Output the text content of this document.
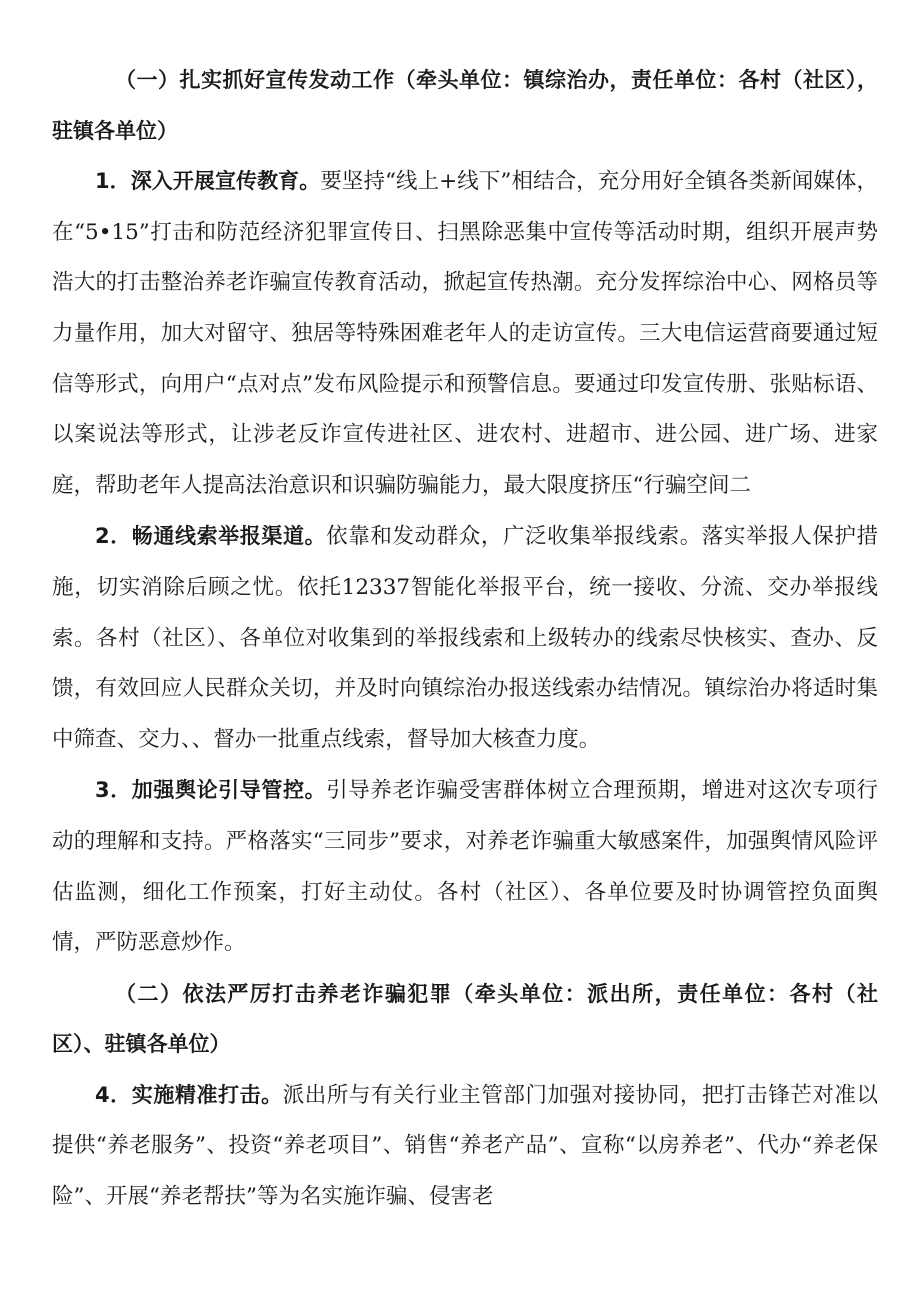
（一）扎实抓好宣传发动工作（牵头单位：镇综治办，责任单位：各村（社区），驻镇各单位）

1．深入开展宣传教育。要坚持“线上+线下”相结合，充分用好全镇各类新闻媒体，在“5•15”打击和防范经济犯罪宣传日、扫黑除恶集中宣传等活动时期，组织开展声势浩大的打击整治养老诈骗宣传教育活动，掀起宣传热潮。充分发挥综治中心、网格员等力量作用，加大对留守、独居等特殊困难老年人的走访宣传。三大电信运营商要通过短信等形式，向用户“点对点”发布风险提示和预警信息。要通过印发宣传册、张贴标语、以案说法等形式，让涉老反诈宣传进社区、进农村、进超市、进公园、进广场、进家庭，帮助老年人提高法治意识和识骗防骗能力，最大限度挤压“行骗空间二

2．畅通线索举报渠道。依靠和发动群众，广泛收集举报线索。落实举报人保护措施，切实消除后顾之忧。依托12337智能化举报平台，统一接收、分流、交办举报线索。各村（社区）、各单位对收集到的举报线索和上级转办的线索尽快核实、查办、反馈，有效回应人民群众关切，并及时向镇综治办报送线索办结情况。镇综治办将适时集中筛查、交力、、督办一批重点线索，督导加大核查力度。

3．加强舆论引导管控。引导养老诈骗受害群体树立合理预期，增进对这次专项行动的理解和支持。严格落实“三同步”要求，对养老诈骗重大敏感案件，加强舆情风险评估监测，细化工作预案，打好主动仗。各村（社区）、各单位要及时协调管控负面舆情，严防恶意炒作。

（二）依法严厉打击养老诈骗犯罪（牵头单位：派出所，责任单位：各村（社区）、驻镇各单位）

4．实施精准打击。派出所与有关行业主管部门加强对接协同，把打击锋芒对准以提供“养老服务”、投资“养老项目”、销售“养老产品”、宣称“以房养老”、代办“养老保险”、开展“养老帮扶”等为名实施诈骗、侵害老
